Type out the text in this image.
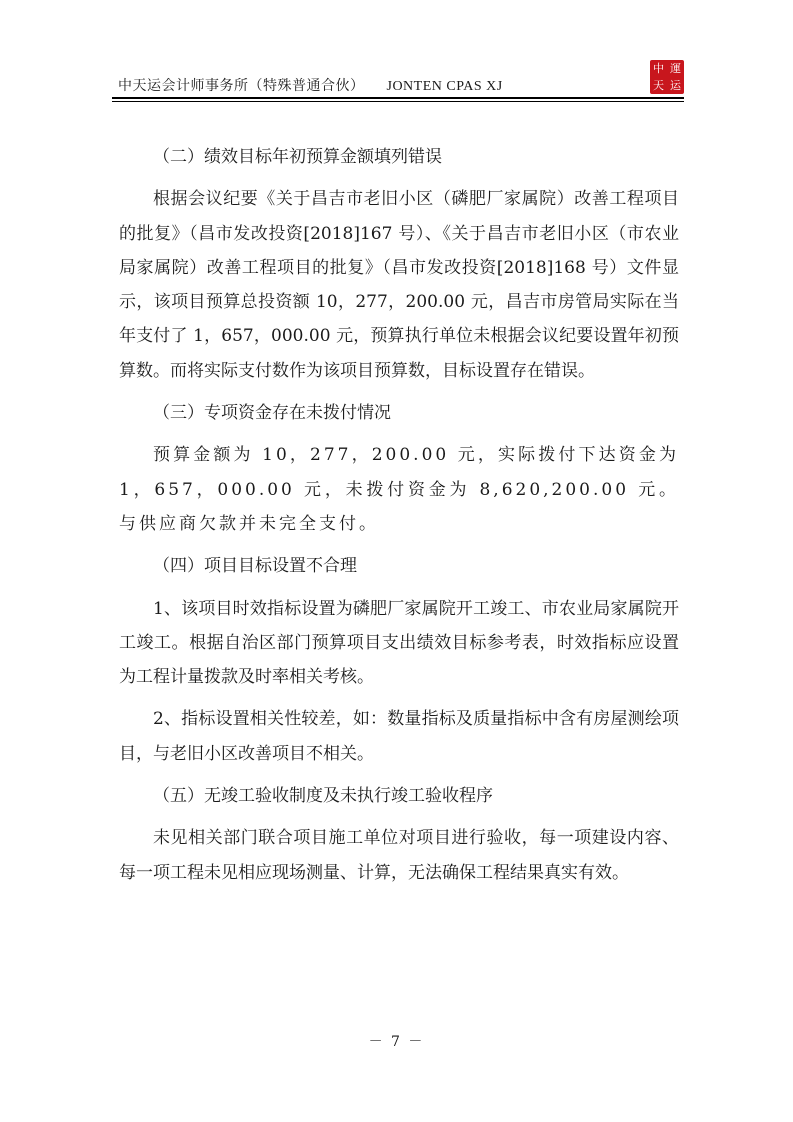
中天运会计师事务所（特殊普通合伙） JONTEN CPAS XJ
中 運
天 运

（二）绩效目标年初预算金额填列错误

根据会议纪要《关于昌吉市老旧小区（磷肥厂家属院）改善工程项目的批复》（昌市发改投资[2018]167 号）、《关于昌吉市老旧小区（市农业局家属院）改善工程项目的批复》（昌市发改投资[2018]168 号）文件显示，该项目预算总投资额 10，277，200.00 元，昌吉市房管局实际在当年支付了 1，657，000.00 元，预算执行单位未根据会议纪要设置年初预算数。而将实际支付数作为该项目预算数，目标设置存在错误。

（三）专项资金存在未拨付情况

预算金额为 10，277，200.00 元，实际拨付下达资金为 1，657，000.00 元，未拨付资金为 8,620,200.00 元。与供应商欠款并未完全支付。

（四）项目目标设置不合理

1、该项目时效指标设置为磷肥厂家属院开工竣工、市农业局家属院开工竣工。根据自治区部门预算项目支出绩效目标参考表，时效指标应设置为工程计量拨款及时率相关考核。

2、指标设置相关性较差，如：数量指标及质量指标中含有房屋测绘项目，与老旧小区改善项目不相关。

（五）无竣工验收制度及未执行竣工验收程序

未见相关部门联合项目施工单位对项目进行验收，每一项建设内容、每一项工程未见相应现场测量、计算，无法确保工程结果真实有效。

－ 7 －
